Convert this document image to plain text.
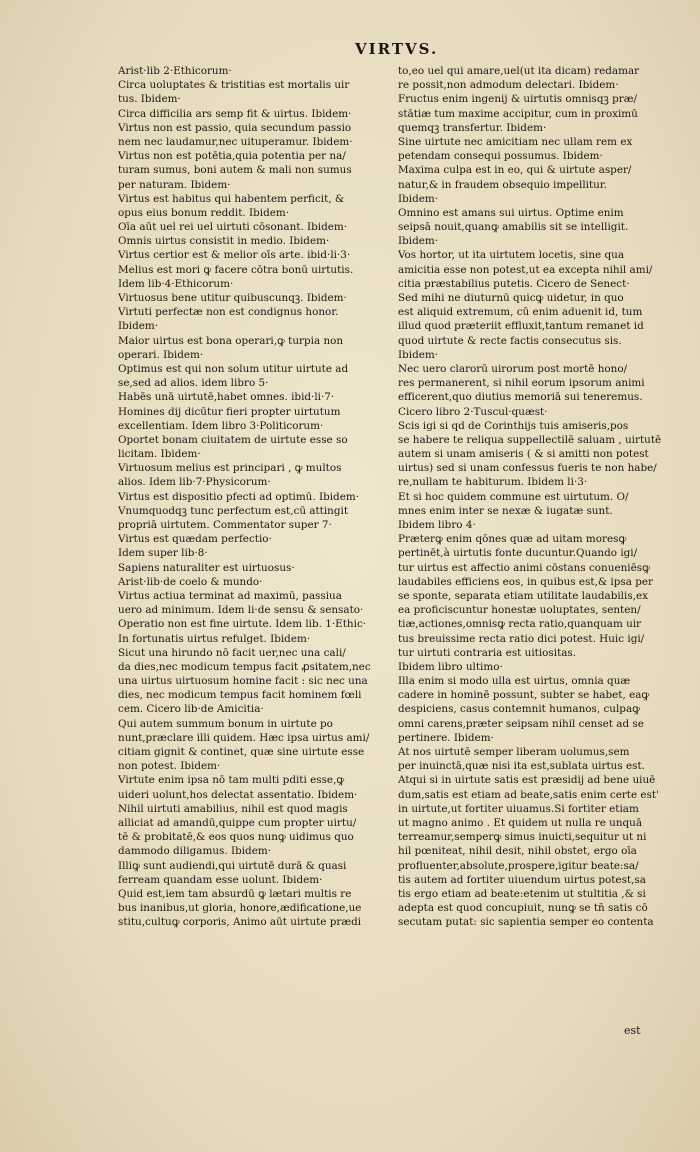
VIRTVS.
Arist·lib 2·Ethicorum·
Circa uoluptates & tristitias est mortalis uir
tus. Ibidem·
Circa difficilia ars semp fit & uirtus. Ibidem·
Virtus non est passio, quia secundum passio
nem nec laudamur,nec uituperamur. Ibidem·
Virtus non est potētia,quia potentia per na/
turam sumus, boni autem & mali non sumus
per naturam. Ibidem·
Virtus est habitus qui habentem perficit, &
opus eius bonum reddit. Ibidem·
Oīa aūt uel rei uel uirtuti cōsonant. Ibidem·
Omnis uirtus consistit in medio. Ibidem·
Virtus certior est & melior oīs arte. ibid·li·3·
Melius est mori ꝙ facere cōtra bonū uirtutis.
Idem lib·4·Ethicorum·
Virtuosus bene utitur quibuscunqꝫ. Ibidem·
Virtuti perfectæ non est condignus honor.
Ibidem·
Maior uirtus est bona operari,ꝙ turpia non
operari. Ibidem·
Optimus est qui non solum utitur uirtute ad
se,sed ad alios. idem libro 5·
Habēs unā uirtutē,habet omnes. ibid·li·7·
Homines dij dicūtur fieri propter uirtutum
excellentiam. Idem libro 3·Politicorum·
Oportet bonam ciuitatem de uirtute esse so
licitam. Ibidem·
Virtuosum melius est principari , ꝙ multos
alios. Idem lib·7·Physicorum·
Virtus est dispositio pfecti ad optimū. Ibidem·
Vnumquodqꝫ tunc perfectum est,cū attingit
propriā uirtutem. Commentator super 7·
Virtus est quædam perfectio·
Idem super lib·8·
Sapiens naturaliter est uirtuosus·
Arist·lib·de coelo & mundo·
Virtus actiua terminat ad maximū, passiua
uero ad minimum. Idem li·de sensu & sensato·
Operatio non est fine uirtute. Idem lib. 1·Ethic·
In fortunatis uirtus refulget. Ibidem·
Sicut una hirundo nō facit uer,nec una cali/
da dies,nec modicum tempus facit ꝓsitatem,nec
una uirtus uirtuosum homine facit : sic nec una
dies, nec modicum tempus facit hominem fœli
cem. Cicero lib·de Amicitia·
Qui autem summum bonum in uirtute po
nunt,præclare illi quidem. Hæc ipsa uirtus ami/
citiam gignit & continet, quæ sine uirtute esse
non potest. Ibidem·
Virtute enim ipsa nō tam multi pditi esse,ꝙ
uideri uolunt,hos delectat assentatio. Ibidem·
Nihil uirtuti amabilius, nihil est quod magis
alliciat ad amandū,quippe cum propter uirtu/
tē & probitatē,& eos quos nunꝙ uidimus quo
dammodo diligamus. Ibidem·
Illiꝙ sunt audiendi,qui uirtutē durā & quasi
ferream quandam esse uolunt. Ibidem·
Quid est,iem tam absurdū ꝙ lætari multis re
bus inanibus,ut gloria, honore,ædificatione,ue
stitu,cultuꝙ corporis, Animo aūt uirtute prædi
to,eo uel qui amare,uel(ut ita dicam) redamar
re possit,non admodum delectari. Ibidem·
Fructus enim ingenij & uirtutis omnisqꝫ præ/
stātiæ tum maxime accipitur, cum in proximū
quemqꝫ transfertur. Ibidem·
Sine uirtute nec amicitiam nec ullam rem ex
petendam consequi possumus. Ibidem·
Maxima culpa est in eo, qui & uirtute asper/
natur,& in fraudem obsequio impellitur.
Ibidem·
Omnino est amans sui uirtus. Optime enim
seipsā nouit,quanꝙ amabilis sit se intelligit.
Ibidem·
Vos hortor, ut ita uirtutem locetis, sine qua
amicitia esse non potest,ut ea excepta nihil ami/
citia præstabilius putetis. Cicero de Senect·
Sed mihi ne diuturnū quicꝙ uidetur, in quo
est aliquid extremum, cū enim aduenit id, tum
illud quod præteriit effluxit,tantum remanet id
quod uirtute & recte factis consecutus sis.
Ibidem·
Nec uero clarorū uirorum post mortē hono/
res permanerent, si nihil eorum ipsorum animi
efficerent,quo diutius memoriā sui teneremus.
Cicero libro 2·Tuscul·quæst·
Scis igi si qd de Corinthijs tuis amiseris,pos
se habere te reliqua suppellectilē saluam , uirtutē
autem si unam amiseris ( & si amitti non potest
uirtus) sed si unam confessus fueris te non habe/
re,nullam te habiturum. Ibidem li·3·
Et si hoc quidem commune est uirtutum. O/
mnes enim inter se nexæ & iugatæ sunt.
Ibidem libro 4·
Præterꝙ enim qōnes quæ ad uitam moresꝙ
pertinēt,à uirtutis fonte ducuntur.Quando igi/
tur uirtus est affectio animi cōstans conueniēsꝙ
laudabiles efficiens eos, in quibus est,& ipsa per
se sponte, separata etiam utilitate laudabilis,ex
ea proficiscuntur honestæ uoluptates, senten/
tiæ,actiones,omnisꝙ recta ratio,quanquam uir
tus breuissime recta ratio dici potest. Huic igi/
tur uirtuti contraria est uitiositas.
Ibidem libro ultimo·
Illa enim si modo ulla est uirtus, omnia quæ
cadere in hominē possunt, subter se habet, eaꝙ
despiciens, casus contemnit humanos, culpaꝙ
omni carens,præter seipsam nihil censet ad se
pertinere. Ibidem·
At nos uirtutē semper liberam uolumus,sem
per inuinctā,quæ nisi ita est,sublata uirtus est.
Atqui si in uirtute satis est præsidij ad bene uiuē
dum,satis est etiam ad beate,satis enim certe est'
in uirtute,ut fortiter uiuamus.Si fortiter etiam
ut magno animo . Et quidem ut nulla re unquā
terreamur,semperꝙ simus inuicti,sequitur ut ni
hil pœniteat, nihil desit, nihil obstet, ergo oīa
profluenter,absolute,prospere,igitur beate:sa/
tis autem ad fortiter uiuendum uirtus potest,sa
tis ergo etiam ad beate:etenim ut stultitia ,& si
adepta est quod concupiuit, nunꝙ se tn̄ satis cō
secutam putat: sic sapientia semper eo contenta
est
